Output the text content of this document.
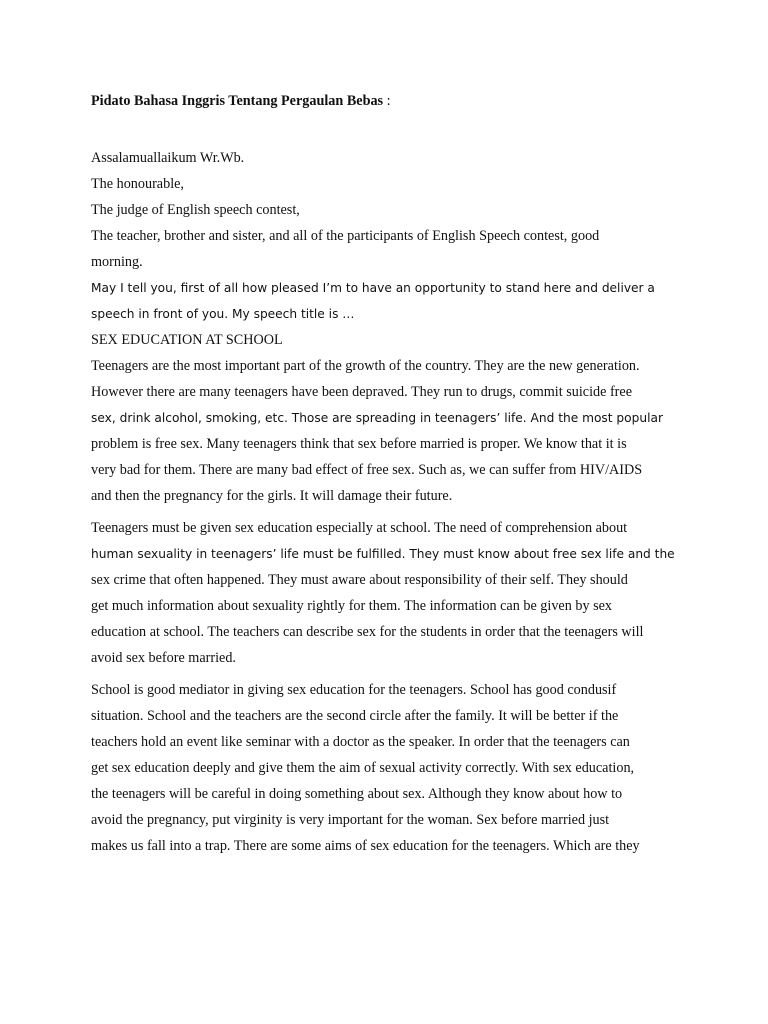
Pidato Bahasa Inggris Tentang Pergaulan Bebas :
Assalamuallaikum Wr.Wb.
The honourable,
The judge of English speech contest,
The teacher, brother and sister, and all of the participants of English Speech contest, good
morning.
May I tell you, first of all how pleased I’m to have an opportunity to stand here and deliver a
speech in front of you. My speech title is …
SEX EDUCATION AT SCHOOL
Teenagers are the most important part of the growth of the country. They are the new generation.
However there are many teenagers have been depraved. They run to drugs, commit suicide free
sex, drink alcohol, smoking, etc. Those are spreading in teenagers’ life. And the most popular
problem is free sex. Many teenagers think that sex before married is proper. We know that it is
very bad for them. There are many bad effect of free sex. Such as, we can suffer from HIV/AIDS
and then the pregnancy for the girls. It will damage their future.
Teenagers must be given sex education especially at school. The need of comprehension about
human sexuality in teenagers’ life must be fulfilled. They must know about free sex life and the
sex crime that often happened. They must aware about responsibility of their self. They should
get much information about sexuality rightly for them. The information can be given by sex
education at school. The teachers can describe sex for the students in order that the teenagers will
avoid sex before married.
School is good mediator in giving sex education for the teenagers. School has good condusif
situation. School and the teachers are the second circle after the family. It will be better if the
teachers hold an event like seminar with a doctor as the speaker. In order that the teenagers can
get sex education deeply and give them the aim of sexual activity correctly. With sex education,
the teenagers will be careful in doing something about sex. Although they know about how to
avoid the pregnancy, put virginity is very important for the woman. Sex before married just
makes us fall into a trap. There are some aims of sex education for the teenagers. Which are they
